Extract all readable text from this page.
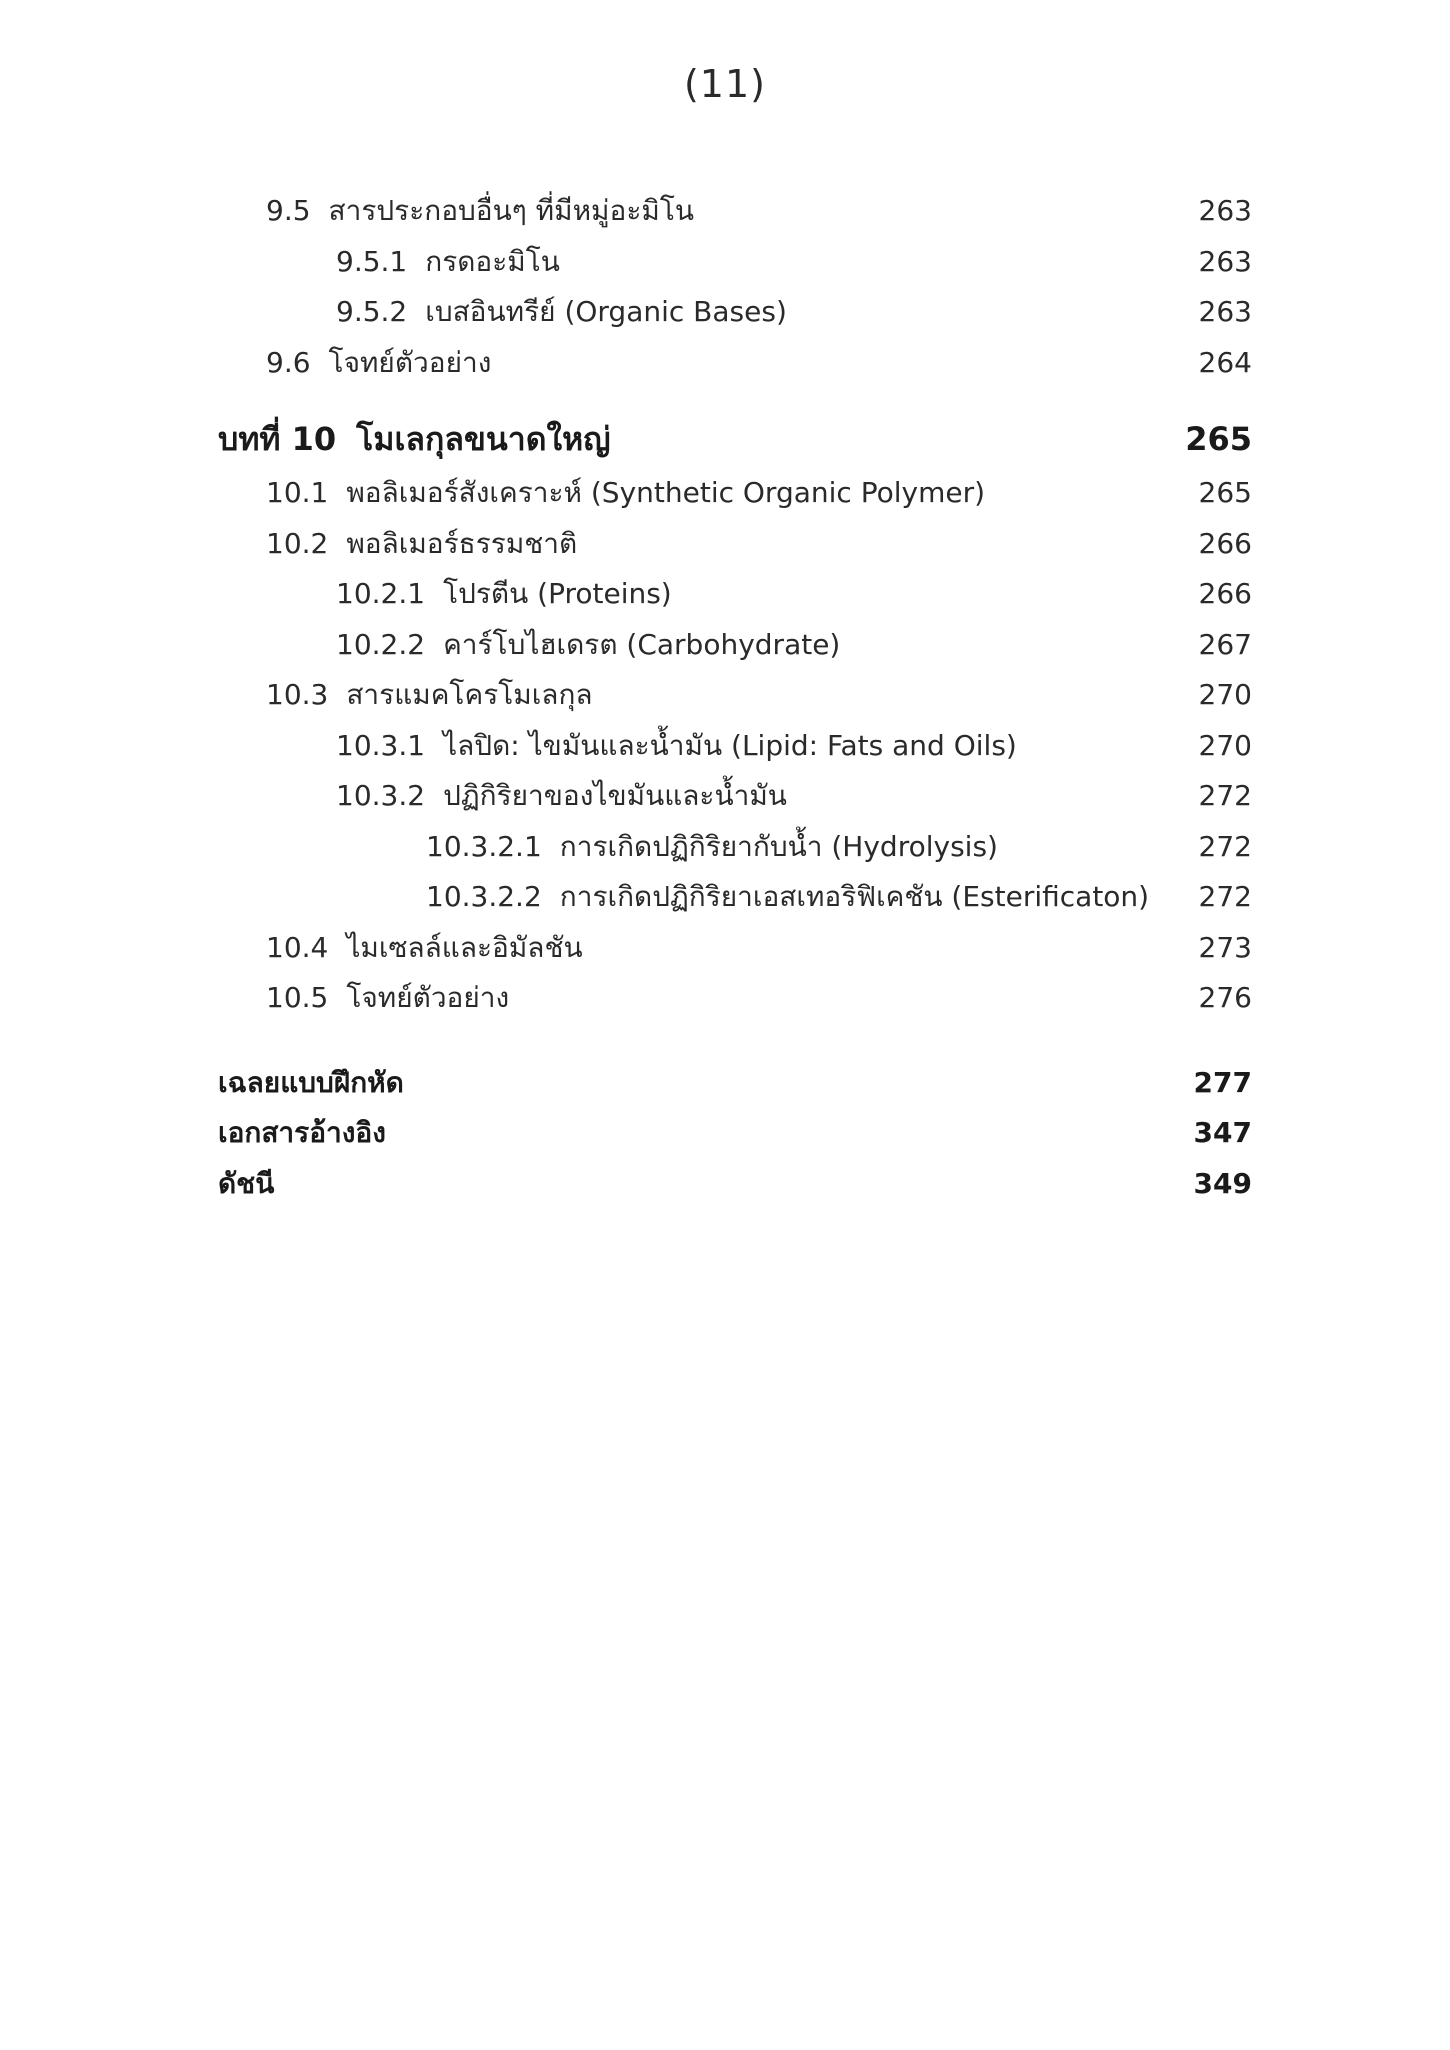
(11)
9.5 สารประกอบอื่นๆ ที่มีหมู่อะมิโน	263
9.5.1 กรดอะมิโน	263
9.5.2 เบสอินทรีย์ (Organic Bases)	263
9.6 โจทย์ตัวอย่าง	264
บทที่ 10 โมเลกุลขนาดใหญ่	265
10.1 พอลิเมอร์สังเคราะห์ (Synthetic Organic Polymer)	265
10.2 พอลิเมอร์ธรรมชาติ	266
10.2.1 โปรตีน (Proteins)	266
10.2.2 คาร์โบไฮเดรต (Carbohydrate)	267
10.3 สารแมคโครโมเลกุล	270
10.3.1 ไลปิด: ไขมันและน้ำมัน (Lipid: Fats and Oils)	270
10.3.2 ปฏิกิริยาของไขมันและน้ำมัน	272
10.3.2.1 การเกิดปฏิกิริยากับน้ำ (Hydrolysis)	272
10.3.2.2 การเกิดปฏิกิริยาเอสเทอริฟิเคชัน (Esterificaton) 272
10.4 ไมเซลล์และอิมัลชัน	273
10.5 โจทย์ตัวอย่าง	276
เฉลยแบบฝึกหัด	277
เอกสารอ้างอิง	347
ดัชนี	349
